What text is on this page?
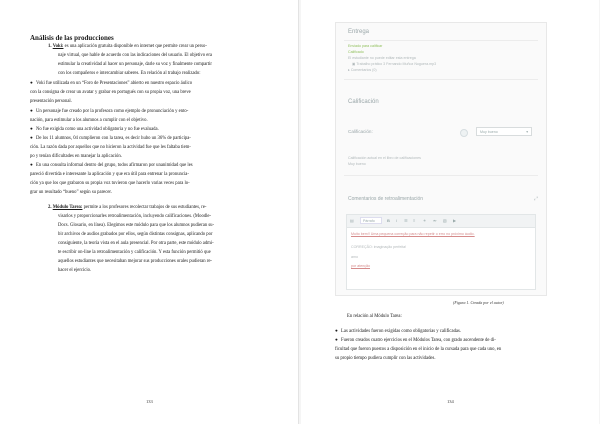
Análisis de las producciones
1. Voki: es una aplicación gratuita disponible en internet que permite crear un perso-
naje virtual, que hable de acuerdo con las indicaciones del usuario. El objetivo era
estimular la creatividad al hacer un personaje, darle su voz y finalmente compartir
con los compañeros e intercambiar saberes. En relación al trabajo realizado:
● Voki fue utilizada en un “Foro de Presentaciones” abierto en nuestro espacio áulico
con la consigna de crear un avatar y grabar en portugués con su propia voz, una breve
presentación personal.
● Un personaje fue creado por la profesora como ejemplo de pronunciación y ento-
nación, para estimular a los alumnos a cumplir con el objetivo.
● No fue exigida como una actividad obligatoria y no fue evaluada.
● De los 11 alumnos, 04 cumplieron con la tarea, es decir hubo un 36% de participa-
ción. La razón dada por aquellos que no hicieron la actividad fue que les faltaba tiem-
po y tenían dificultades en manejar la aplicación.
● En una consulta informal dentro del grupo, todos afirmaron por unanimidad que les
pareció divertida e interesante la aplicación y que era útil para entrenar la pronuncia-
ción ya que los que grabaron su propia voz tuvieron que hacerlo varias veces para lo-
grar un resultado “bueno” según su parecer.
2. Módulo Tarea: permite a los profesores recolectar trabajos de sus estudiantes, re-
visarlos y proporcionarles retroalimentación, incluyendo calificaciones. (Moodle-
Docs. Glosario, en línea). Elegimos este módulo para que los alumnos pudieran su-
bir archivos de audios grabados por ellos, según distintas consignas, aplicando por
consiguiente, la teoría vista en el aula presencial. Por otra parte, este módulo admi-
te escribir on-line la retroalimentación y calificación. Y esta función permitió que
aquellos estudiantes que necesitaban mejorar sus producciones orales pudieran re-
hacer el ejercicio.
133
Entrega
Enviado para calificar
Calificado
El estudiante no puede editar esta entrega
▣ Trabalho prático 3 Fernando Muñoz Noguera.mp3
▸ Comentarios (0)
Calificación
Calificación:	Muy bueno	▾
Calificación actual en el libro de calificaciones
Muy bueno
Comentarios de retroalimentación	⤢
▤	Párrafo	B I ☰ ≡ ⚭ ⚮ ▧ ▶
Muito bem!! Uma pequena correção para não repetir o erro no próximo áudio.
CORREÇÃO: imaginação perfeita!
amo
por atenção
(Figura 1. Creada por el autor)
En relación al Módulo Tarea:
● Las actividades fueron exigidas como obligatorias y calificadas.
● Fueron creados cuatro ejercicios en el Módulos Tarea, con grado ascendente de di-
ficultad que fueron puestos a disposición en el inicio de la cursada para que cada uno, en
su propio tiempo pudiera cumplir con las actividades.
134
